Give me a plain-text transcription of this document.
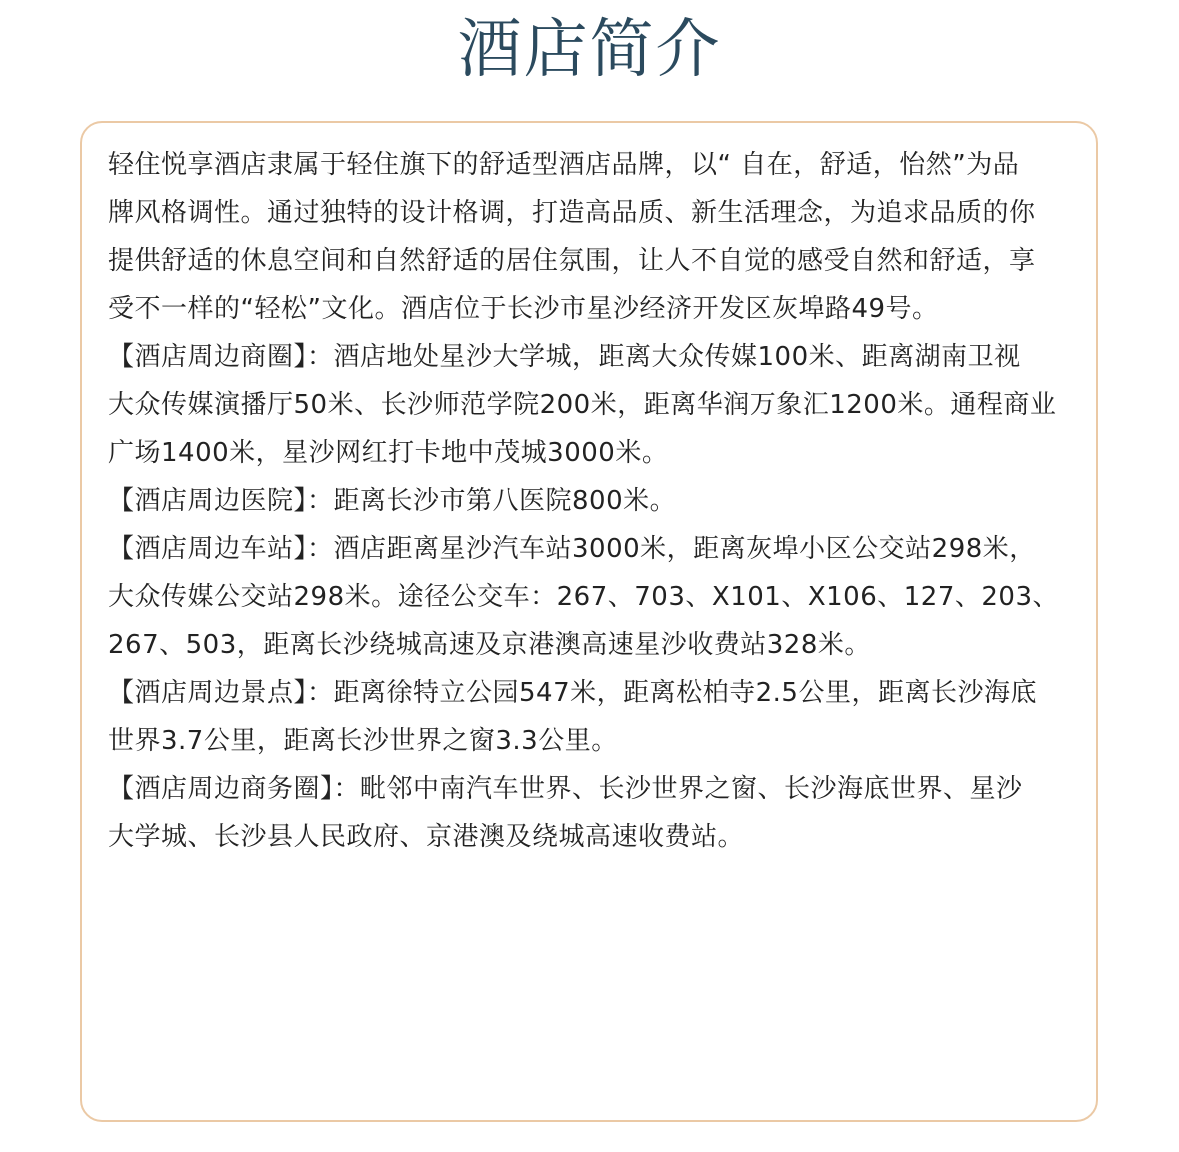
酒店简介

轻住悦享酒店隶属于轻住旗下的舒适型酒店品牌，以“ 自在，舒适，怡然”为品

牌风格调性。通过独特的设计格调，打造高品质、新生活理念，为追求品质的你

提供舒适的休息空间和自然舒适的居住氛围，让人不自觉的感受自然和舒适，享

受不一样的“轻松”文化。酒店位于长沙市星沙经济开发区灰埠路49号。

【酒店周边商圈】：酒店地处星沙大学城，距离大众传媒100米、距离湖南卫视

大众传媒演播厅50米、长沙师范学院200米，距离华润万象汇1200米。通程商业

广场1400米，星沙网红打卡地中茂城3000米。

【酒店周边医院】：距离长沙市第八医院800米。

【酒店周边车站】：酒店距离星沙汽车站3000米，距离灰埠小区公交站298米，

大众传媒公交站298米。途径公交车：267、703、X101、X106、127、203、

267、503，距离长沙绕城高速及京港澳高速星沙收费站328米。

【酒店周边景点】：距离徐特立公园547米，距离松柏寺2.5公里，距离长沙海底

世界3.7公里，距离长沙世界之窗3.3公里。

【酒店周边商务圈】：毗邻中南汽车世界、长沙世界之窗、长沙海底世界、星沙

大学城、长沙县人民政府、京港澳及绕城高速收费站。
